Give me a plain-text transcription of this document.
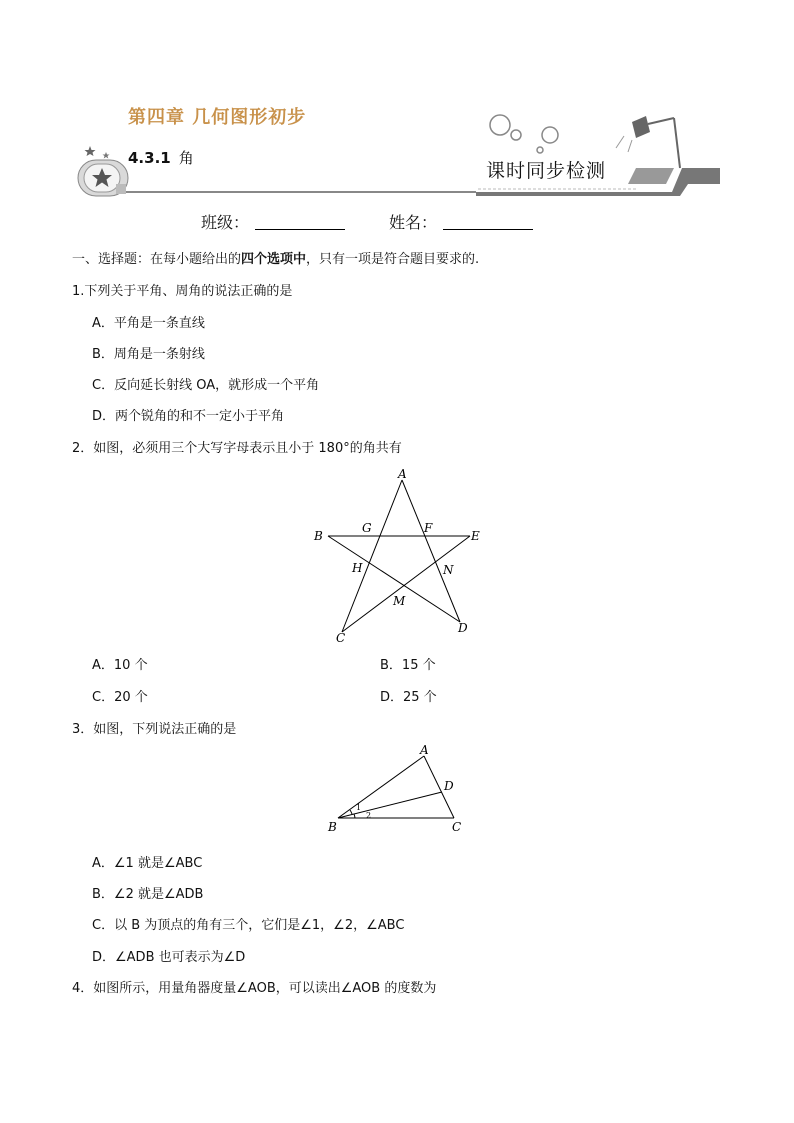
第四章 几何图形初步
4.3.1 角
课时同步检测
班级：	姓名：
一、选择题：在每小题给出的四个选项中，只有一项是符合题目要求的.
1.下列关于平角、周角的说法正确的是
A．平角是一条直线
B．周角是一条射线
C．反向延长射线 OA，就形成一个平角
D．两个锐角的和不一定小于平角
2．如图，必须用三个大写字母表示且小于 180°的角共有
A
B
C
D
E
F
G
H
M
N
A．10 个	B．15 个
C．20 个	D．25 个
3．如图，下列说法正确的是
A
B	C
D
1
2
A．∠1 就是∠ABC
B．∠2 就是∠ADB
C．以 B 为顶点的角有三个，它们是∠1，∠2，∠ABC
D．∠ADB 也可表示为∠D
4．如图所示，用量角器度量∠AOB，可以读出∠AOB 的度数为
